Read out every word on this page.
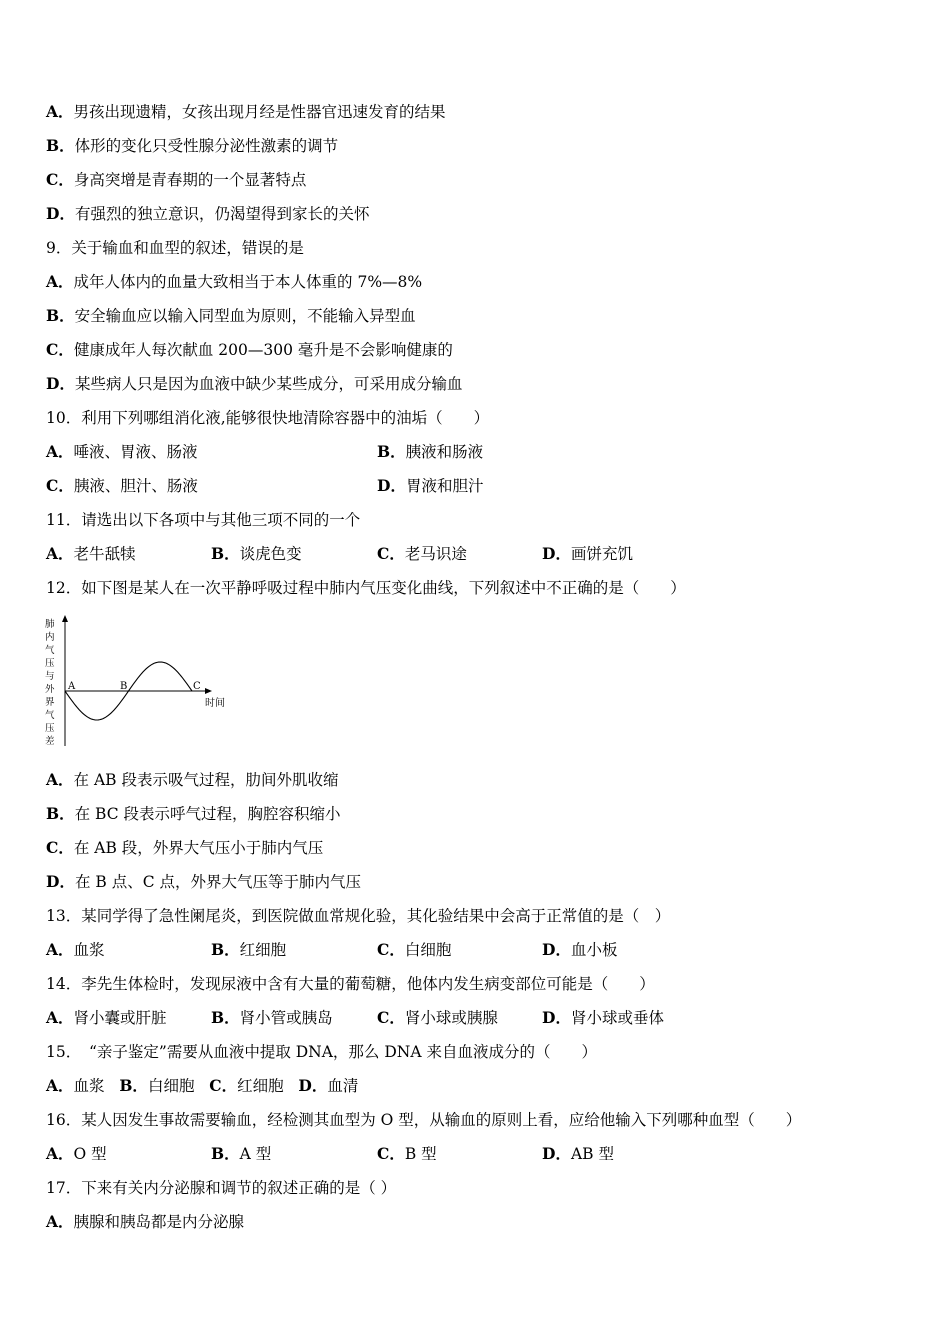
A．男孩出现遗精，女孩出现月经是性器官迅速发育的结果
B．体形的变化只受性腺分泌性激素的调节
C．身高突增是青春期的一个显著特点
D．有强烈的独立意识，仍渴望得到家长的关怀
9．关于输血和血型的叙述，错误的是
A．成年人体内的血量大致相当于本人体重的 7%—8%
B．安全输血应以输入同型血为原则，不能输入异型血
C．健康成年人每次献血 200—300 毫升是不会影响健康的
D．某些病人只是因为血液中缺少某些成分，可采用成分输血
10．利用下列哪组消化液,能够很快地清除容器中的油垢（　　）
A．唾液、胃液、肠液	B．胰液和肠液
C．胰液、胆汁、肠液	D．胃液和胆汁
11．请选出以下各项中与其他三项不同的一个
A．老牛舐犊	B．谈虎色变	C．老马识途	D．画饼充饥
12．如下图是某人在一次平静呼吸过程中肺内气压变化曲线，下列叙述中不正确的是（　　）
肺
内
气
压
与
外
界
气
压
差
时间
A	B	C
A．在 AB 段表示吸气过程，肋间外肌收缩
B．在 BC 段表示呼气过程，胸腔容积缩小
C．在 AB 段，外界大气压小于肺内气压
D．在 B 点、C 点，外界大气压等于肺内气压
13．某同学得了急性阑尾炎，到医院做血常规化验，其化验结果中会高于正常值的是（　）
A．血浆	B．红细胞	C．白细胞	D．血小板
14．李先生体检时，发现尿液中含有大量的葡萄糖，他体内发生病变部位可能是（　　）
A．肾小囊或肝脏	B．肾小管或胰岛	C．肾小球或胰腺	D．肾小球或垂体
15．　“亲子鉴定”需要从血液中提取 DNA，那么 DNA 来自血液成分的（　　）
A．血浆 B．白细胞 C．红细胞 D．血清
16．某人因发生事故需要输血，经检测其血型为 O 型，从输血的原则上看，应给他输入下列哪种血型（　　）
A．O 型	B．A 型	C．B 型	D．AB 型
17．下来有关内分泌腺和调节的叙述正确的是（ ）
A．胰腺和胰岛都是内分泌腺
